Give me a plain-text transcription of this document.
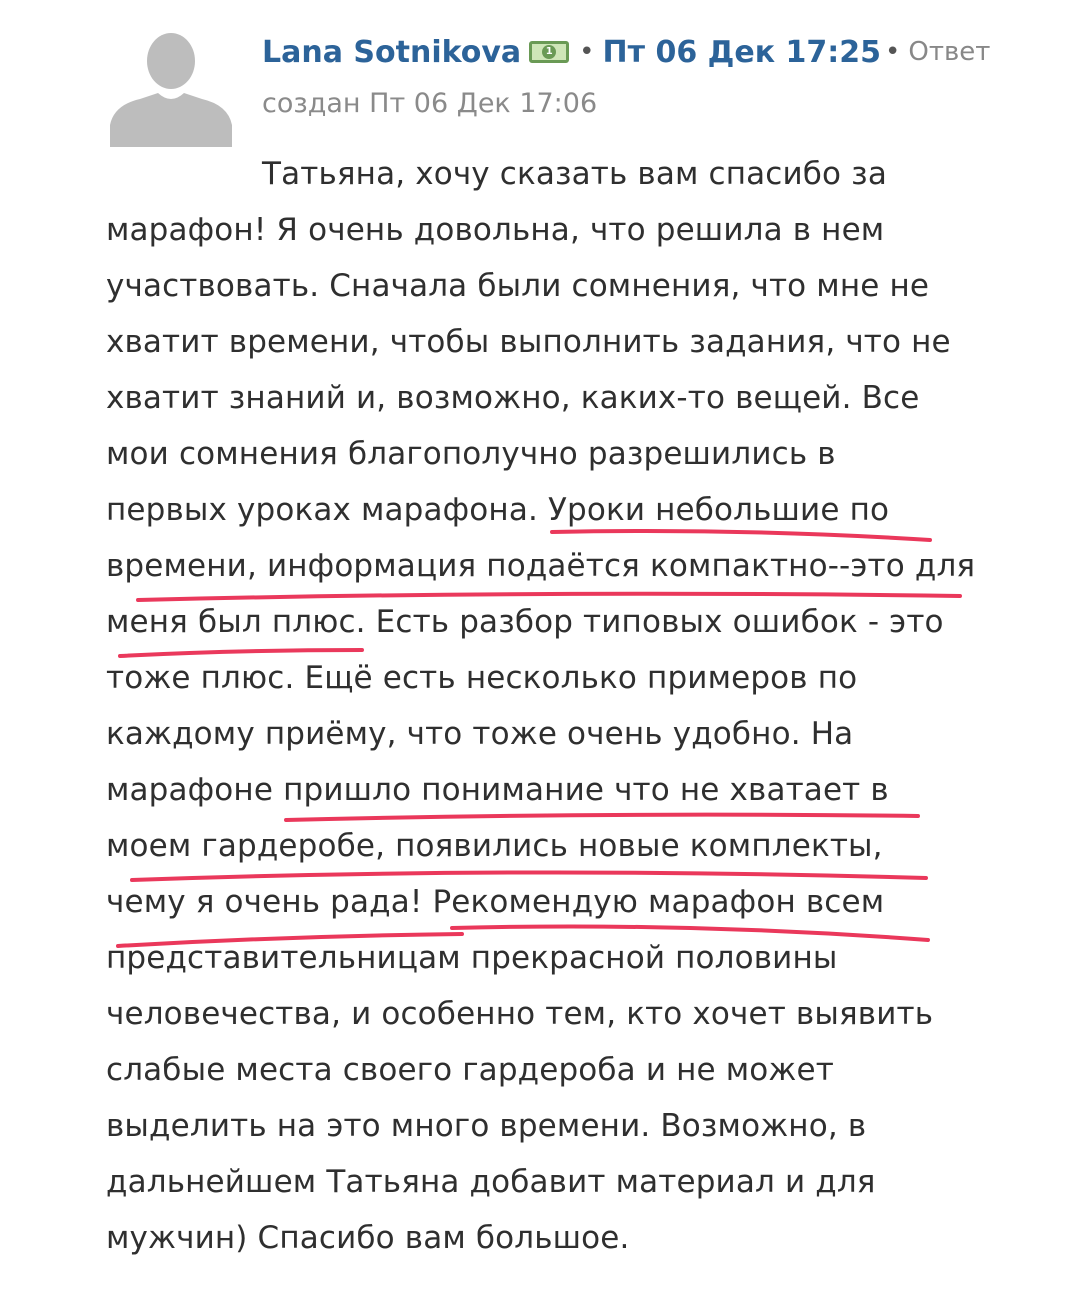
Lana Sotnikova	1 • Пт 06 Дек 17:25 • Ответ
создан Пт 06 Дек 17:06
Татьяна, хочу сказать вам спасибо за
марафон! Я очень довольна, что решила в нем
участвовать. Сначала были сомнения, что мне не
хватит времени, чтобы выполнить задания, что не
хватит знаний и, возможно, каких-то вещей. Все
мои сомнения благополучно разрешились в
первых уроках марафона. Уроки небольшие по
времени, информация подаётся компактно--это для
меня был плюс. Есть разбор типовых ошибок - это
тоже плюс. Ещё есть несколько примеров по
каждому приёму, что тоже очень удобно. На
марафоне пришло понимание что не хватает в
моем гардеробе, появились новые комплекты,
чему я очень рада! Рекомендую марафон всем
представительницам прекрасной половины
человечества, и особенно тем, кто хочет выявить
слабые места своего гардероба и не может
выделить на это много времени. Возможно, в
дальнейшем Татьяна добавит материал и для
мужчин) Спасибо вам большое.
